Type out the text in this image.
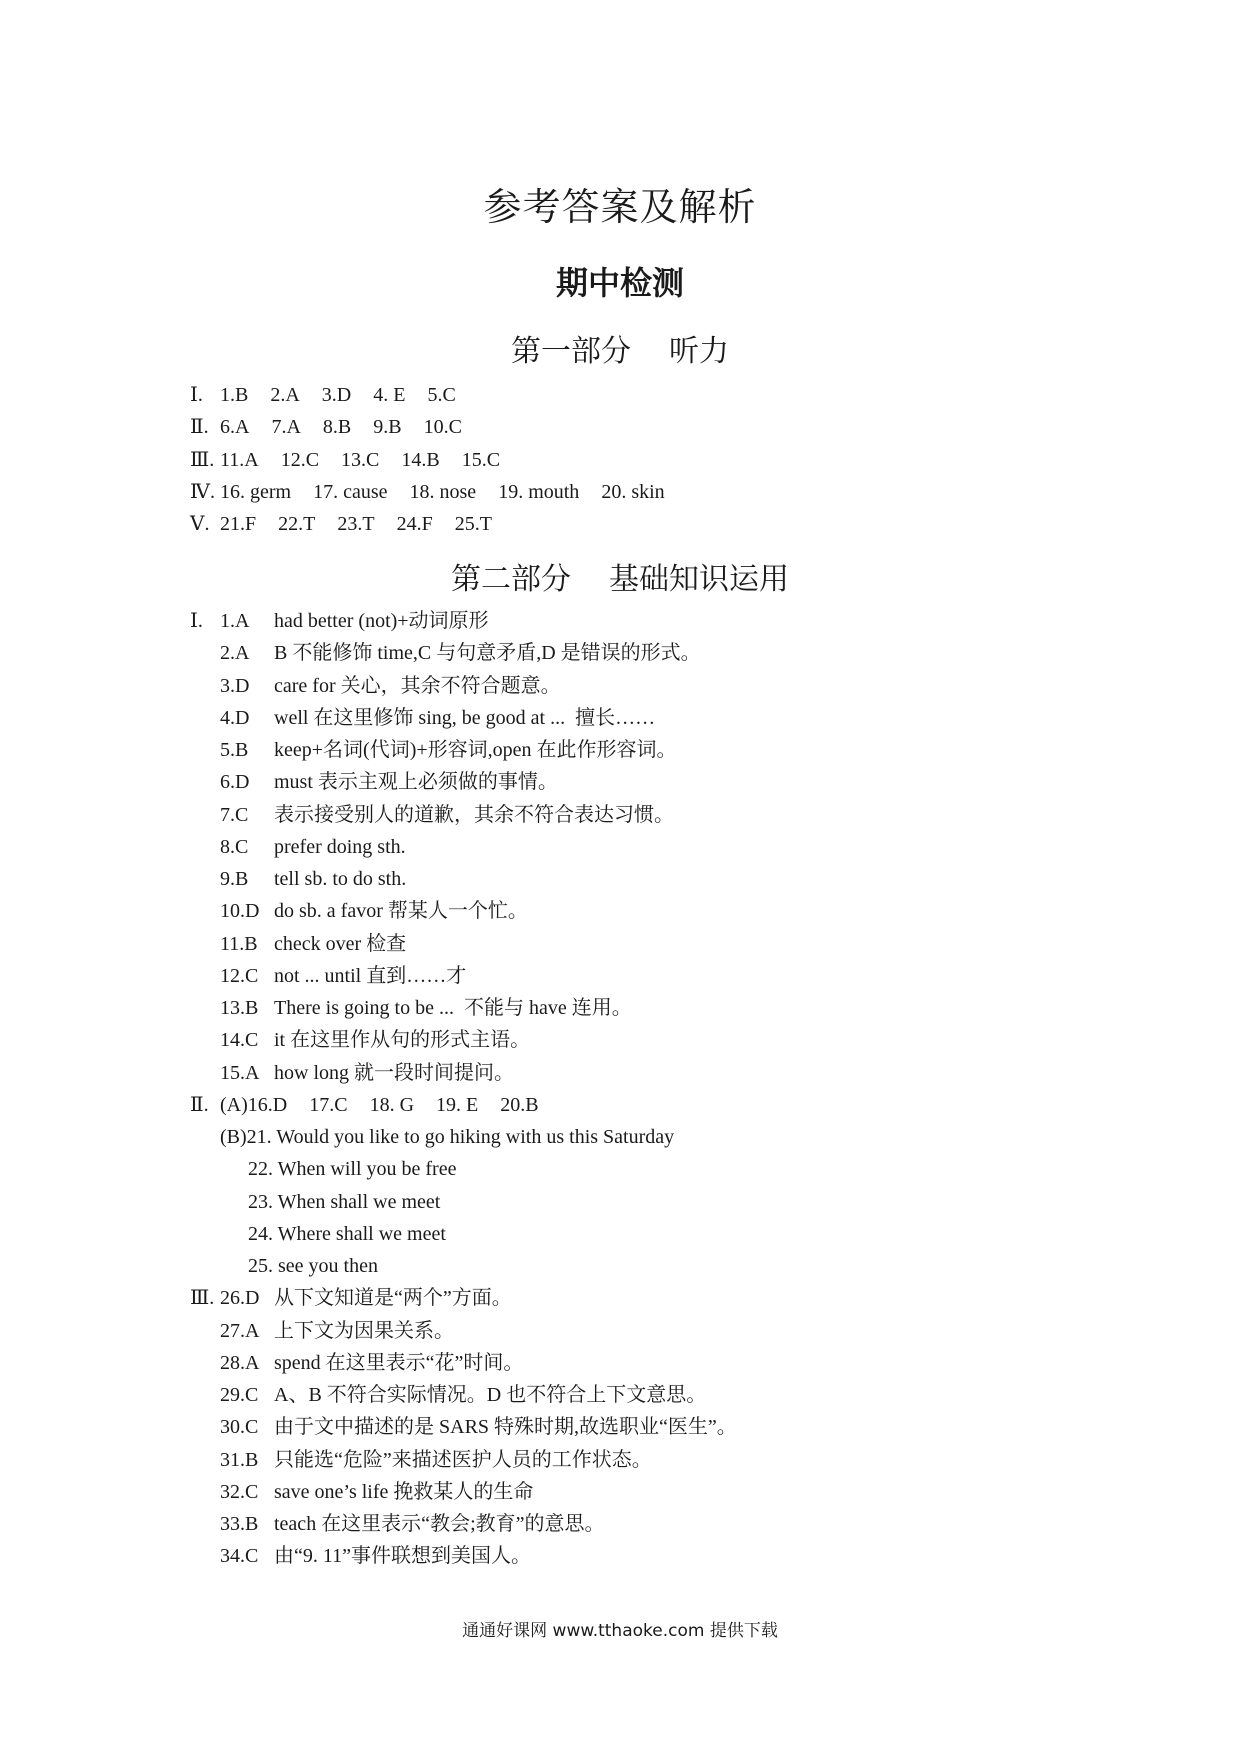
参考答案及解析
期中检测
第一部分 听力
Ⅰ. 1.B 2.A 3.D 4. E 5.C
Ⅱ. 6.A 7.A 8.B 9.B 10.C
Ⅲ. 11.A 12.C 13.C 14.B 15.C
Ⅳ. 16. germ 17. cause 18. nose 19. mouth 20. skin
Ⅴ. 21.F 22.T 23.T 24.F 25.T
第二部分 基础知识运用
Ⅰ. 1.A had better (not)+动词原形
2.A B 不能修饰 time,C 与句意矛盾,D 是错误的形式。
3.D care for 关心，其余不符合题意。
4.D well 在这里修饰 sing, be good at ...  擅长……
5.B keep+名词(代词)+形容词,open 在此作形容词。
6.D must 表示主观上必须做的事情。
7.C 表示接受别人的道歉，其余不符合表达习惯。
8.C prefer doing sth.
9.B tell sb. to do sth.
10.D do sb. a favor 帮某人一个忙。
11.B check over 检查
12.C not ... until 直到……才
13.B There is going to be ...  不能与 have 连用。
14.C it 在这里作从句的形式主语。
15.A how long 就一段时间提问。
Ⅱ. (A)16.D 17.C 18. G 19. E 20.B
(B)21. Would you like to go hiking with us this Saturday
22. When will you be free
23. When shall we meet
24. Where shall we meet
25. see you then
Ⅲ. 26.D 从下文知道是“两个”方面。
27.A 上下文为因果关系。
28.A spend 在这里表示“花”时间。
29.C A、B 不符合实际情况。D 也不符合上下文意思。
30.C 由于文中描述的是 SARS 特殊时期,故选职业“医生”。
31.B 只能选“危险”来描述医护人员的工作状态。
32.C save one’s life 挽救某人的生命
33.B teach 在这里表示“教会;教育”的意思。
34.C 由“9. 11”事件联想到美国人。
通通好课网 www.tthaoke.com 提供下载
